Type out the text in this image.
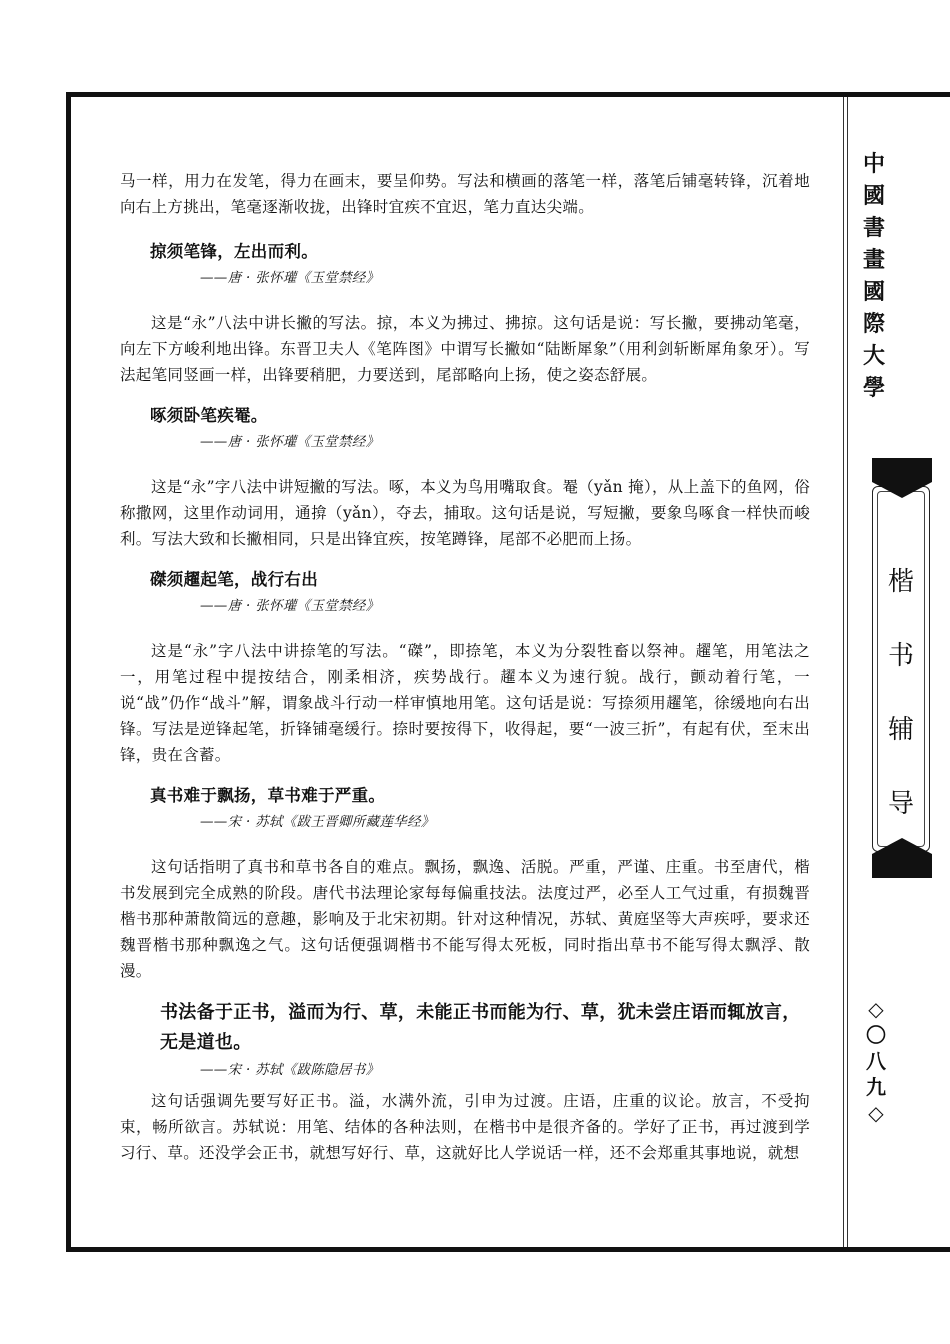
中
國
書
畫
國
際
大
學
楷
书
辅
导
◇
〇
八
九
◇

马一样，用力在发笔，得力在画末，要呈仰势。写法和横画的落笔一样，落笔后铺毫转锋，沉着地向右上方挑出，笔毫逐渐收拢，出锋时宜疾不宜迟，笔力直达尖端。

掠须笔锋，左出而利。

——唐 · 张怀瓘《玉堂禁经》

这是“永”八法中讲长撇的写法。掠，本义为拂过、拂掠。这句话是说：写长撇，要拂动笔毫，向左下方峻利地出锋。东晋卫夫人《笔阵图》中谓写长撇如“陆断犀象”（用利剑斩断犀角象牙）。写法起笔同竖画一样，出锋要稍肥，力要送到，尾部略向上扬，使之姿态舒展。

啄须卧笔疾罨。

——唐 · 张怀瓘《玉堂禁经》

这是“永”字八法中讲短撇的写法。啄，本义为鸟用嘴取食。罨（yǎn 掩），从上盖下的鱼网，俗称撒网，这里作动词用，通揜（yǎn），夺去，捕取。这句话是说，写短撇，要象鸟啄食一样快而峻利。写法大致和长撇相同，只是出锋宜疾，按笔蹲锋，尾部不必肥而上扬。

磔须趯起笔，战行右出

——唐 · 张怀瓘《玉堂禁经》

这是“永”字八法中讲捺笔的写法。“磔”，即捺笔，本义为分裂牲畜以祭神。趯笔，用笔法之一，用笔过程中提按结合，刚柔相济，疾势战行。趯本义为速行貌。战行，颤动着行笔，一说“战”仍作“战斗”解，谓象战斗行动一样审慎地用笔。这句话是说：写捺须用趯笔，徐缓地向右出锋。写法是逆锋起笔，折锋铺毫缓行。捺时要按得下，收得起，要“一波三折”，有起有伏，至末出锋，贵在含蓄。

真书难于飘扬，草书难于严重。

——宋 · 苏轼《跋王晋卿所藏莲华经》

这句话指明了真书和草书各自的难点。飘扬，飘逸、活脱。严重，严谨、庄重。书至唐代，楷书发展到完全成熟的阶段。唐代书法理论家每每偏重技法。法度过严，必至人工气过重，有损魏晋楷书那种萧散简远的意趣，影响及于北宋初期。针对这种情况，苏轼、黄庭坚等大声疾呼，要求还魏晋楷书那种飘逸之气。这句话便强调楷书不能写得太死板，同时指出草书不能写得太飘浮、散漫。

书法备于正书，溢而为行、草，未能正书而能为行、草，犹未尝庄语而辄放言，无是道也。

——宋 · 苏轼《跋陈隐居书》

这句话强调先要写好正书。溢，水满外流，引申为过渡。庄语，庄重的议论。放言，不受拘束，畅所欲言。苏轼说：用笔、结体的各种法则，在楷书中是很齐备的。学好了正书，再过渡到学习行、草。还没学会正书，就想写好行、草，这就好比人学说话一样，还不会郑重其事地说，就想
